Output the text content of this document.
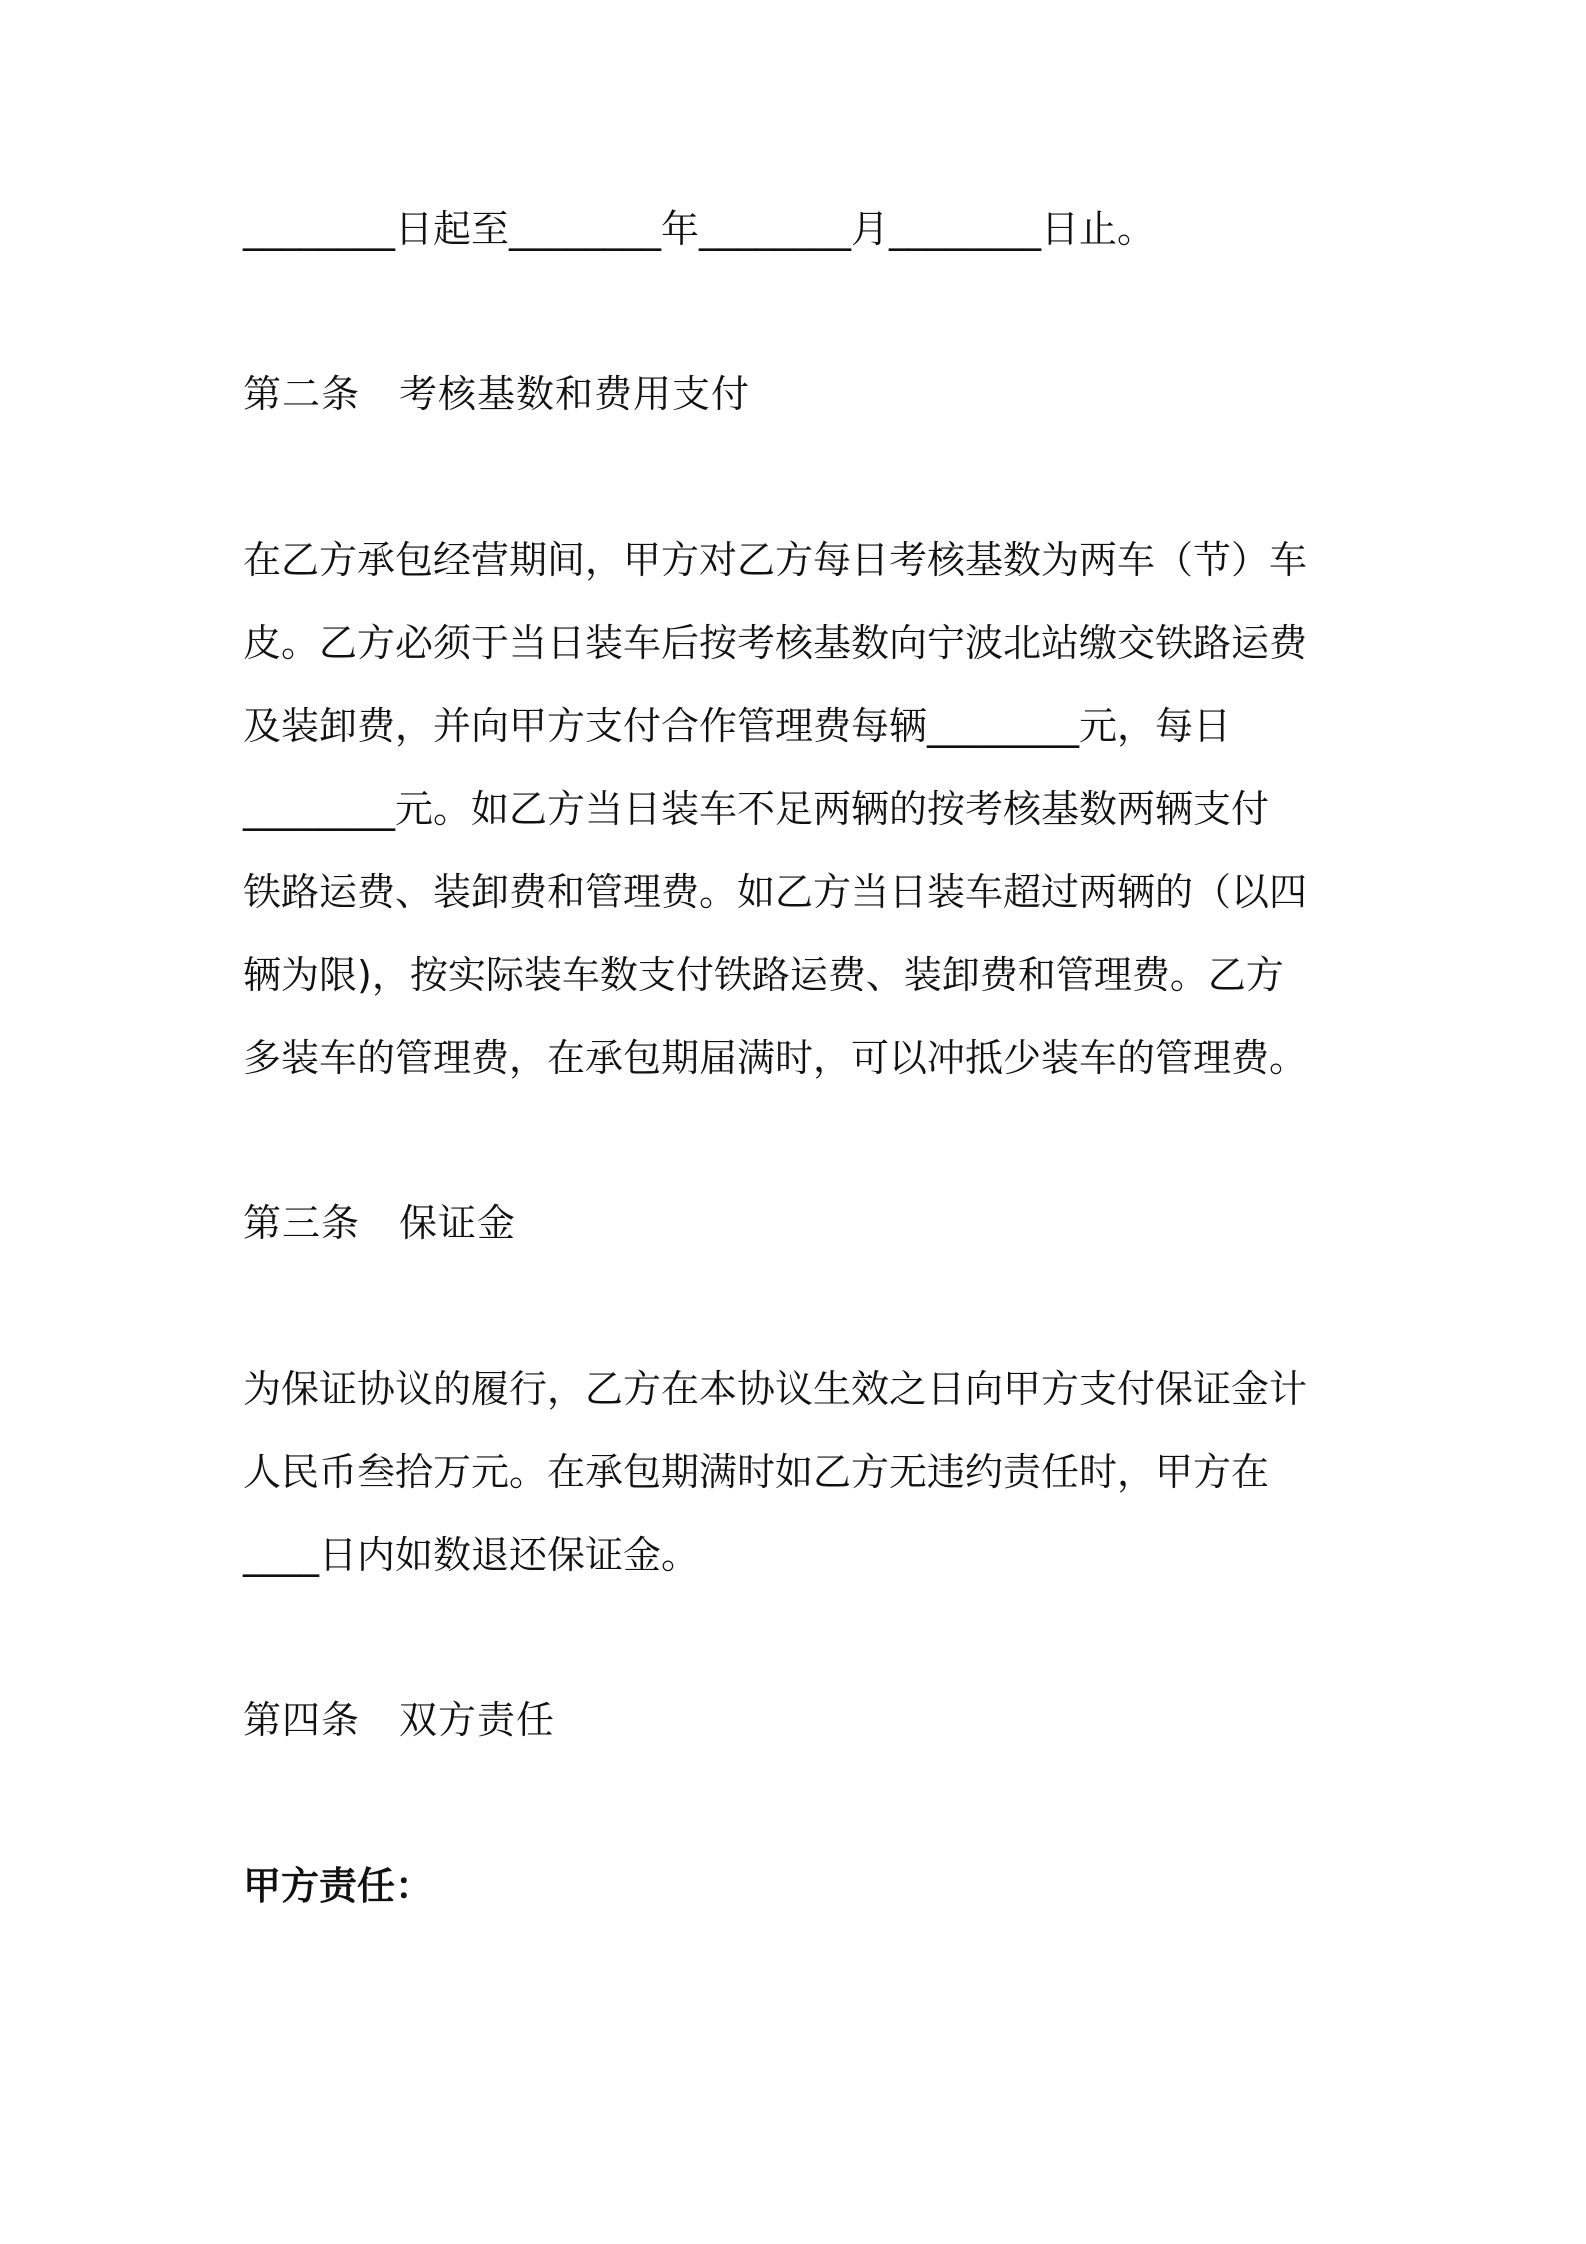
________日起至________年________月________日止。

第二条　考核基数和费用支付

在乙方承包经营期间，甲方对乙方每日考核基数为两车（节）车

皮。乙方必须于当日装车后按考核基数向宁波北站缴交铁路运费

及装卸费，并向甲方支付合作管理费每辆________元，每日

________元。如乙方当日装车不足两辆的按考核基数两辆支付

铁路运费、装卸费和管理费。如乙方当日装车超过两辆的（以四

辆为限)，按实际装车数支付铁路运费、装卸费和管理费。乙方

多装车的管理费，在承包期届满时，可以冲抵少装车的管理费。

第三条　保证金

为保证协议的履行，乙方在本协议生效之日向甲方支付保证金计

人民币叁拾万元。在承包期满时如乙方无违约责任时，甲方在

____日内如数退还保证金。

第四条　双方责任

甲方责任：
